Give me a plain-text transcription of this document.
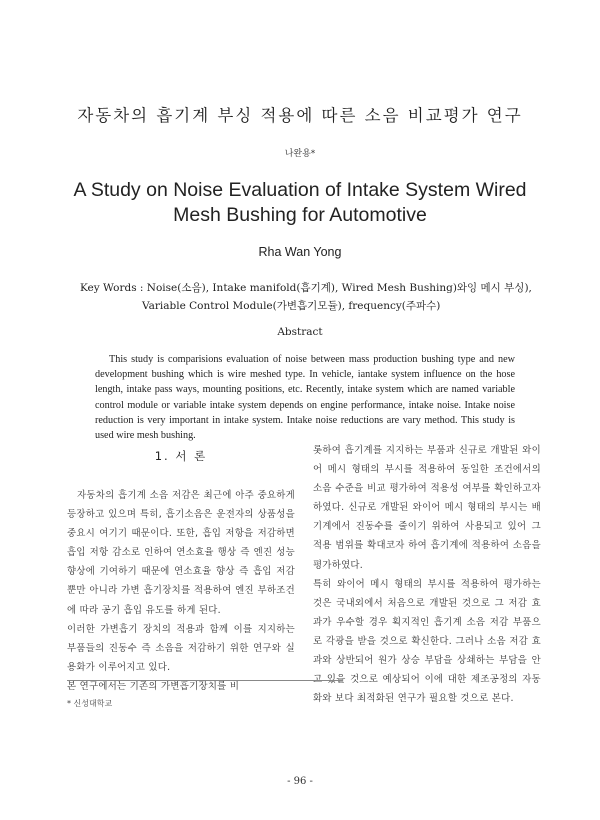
자동차의 흡기계 부싱 적용에 따른 소음 비교평가 연구
나완용*
A Study on Noise Evaluation of Intake System Wired
Mesh Bushing for Automotive
Rha Wan Yong
Key Words : Noise(소음), Intake manifold(흡기계), Wired Mesh Bushing)와잉 메시 부싱),
Variable Control Module(가변흡기모듈), frequency(주파수)
Abstract
This study is comparisions evaluation of noise between mass production bushing type and new development bushing which is wire meshed type. In vehicle, iantake system influence on the hose length, intake pass ways, mounting positions, etc. Recently, intake system which are named variable control module or variable intake system depends on engine performance, intake noise. Intake noise reduction is very important in intake system. Intake noise reductions are vary method. This study is used wire mesh bushing.
1. 서 론

자동차의 흡기계 소음 저감은 최근에 아주 중요하게 등장하고 있으며 특히, 흡기소음은 운전자의 상품성을 중요시 여기기 때문이다. 또한, 흡입 저항을 저감하면 흡입 저항 감소로 인하여 연소효율 행상 즉 엔진 성능 향상에 기여하기 때문에 연소효율 향상 즉 흡입 저감뿐만 아니라 가변 흡기장치를 적용하여 엔진 부하조건에 따라 공기 흡입 유도를 하게 된다.

이러한 가변흡기 장치의 적용과 함께 이를 지지하는 부품들의 진동수 즉 소음을 저감하기 위한 연구와 실용화가 이루어지고 있다.

본 연구에서는 기존의 가변흡기장치를 비

롯하여 흡기계를 지지하는 부품과 신규로 개발된 와이어 메시 형태의 부시를 적용하여 동일한 조건에서의 소음 수준을 비교 평가하여 적용성 여부를 확인하고자 하였다. 신규로 개발된 와이어 메시 형태의 부시는 배기계에서 진동수를 줄이기 위하여 사용되고 있어 그 적용 범위를 확대코자 하여 흡기계에 적용하여 소음을 평가하였다.

특히 와이어 메시 형태의 부시를 적용하여 평가하는 것은 국내외에서 처음으로 개발된 것으로 그 저감 효과가 우수할 경우 획지적인 흡기계 소음 저감 부품으로 각광을 받을 것으로 확신한다. 그러나 소음 저감 효과와 상반되어 원가 상승 부담을 상쇄하는 부담을 안고 있을 것으로 예상되어 이에 대한 제조공정의 자동화와 보다 최적화된 연구가 필요할 것으로 본다.

* 신성대학교
- 96 -
